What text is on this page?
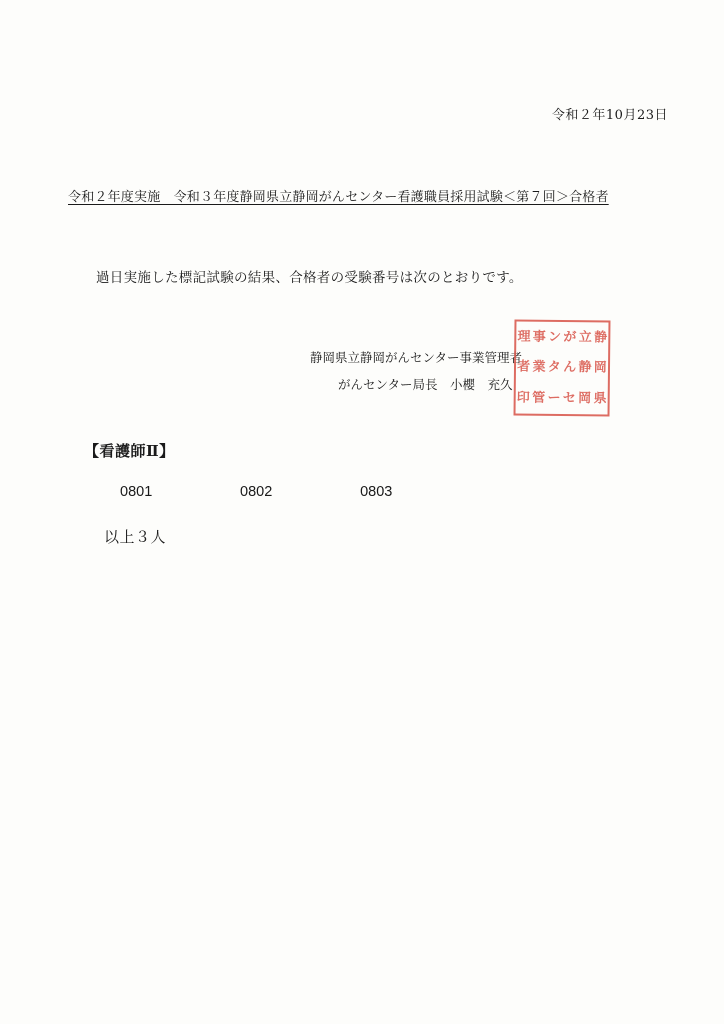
令和２年10月23日
令和２年度実施　令和３年度静岡県立静岡がんセンター看護職員採用試験＜第７回＞合格者
過日実施した標記試験の結果、合格者の受験番号は次のとおりです。
静岡県立静岡がんセンター事業管理者
がんセンター局長　小櫻　充久
理 事 ン が 立 静
者 業 タ ん 静 岡
印 管 ー セ 岡 県
【看護師Ⅱ】
0801	0802	0803
以上３人
